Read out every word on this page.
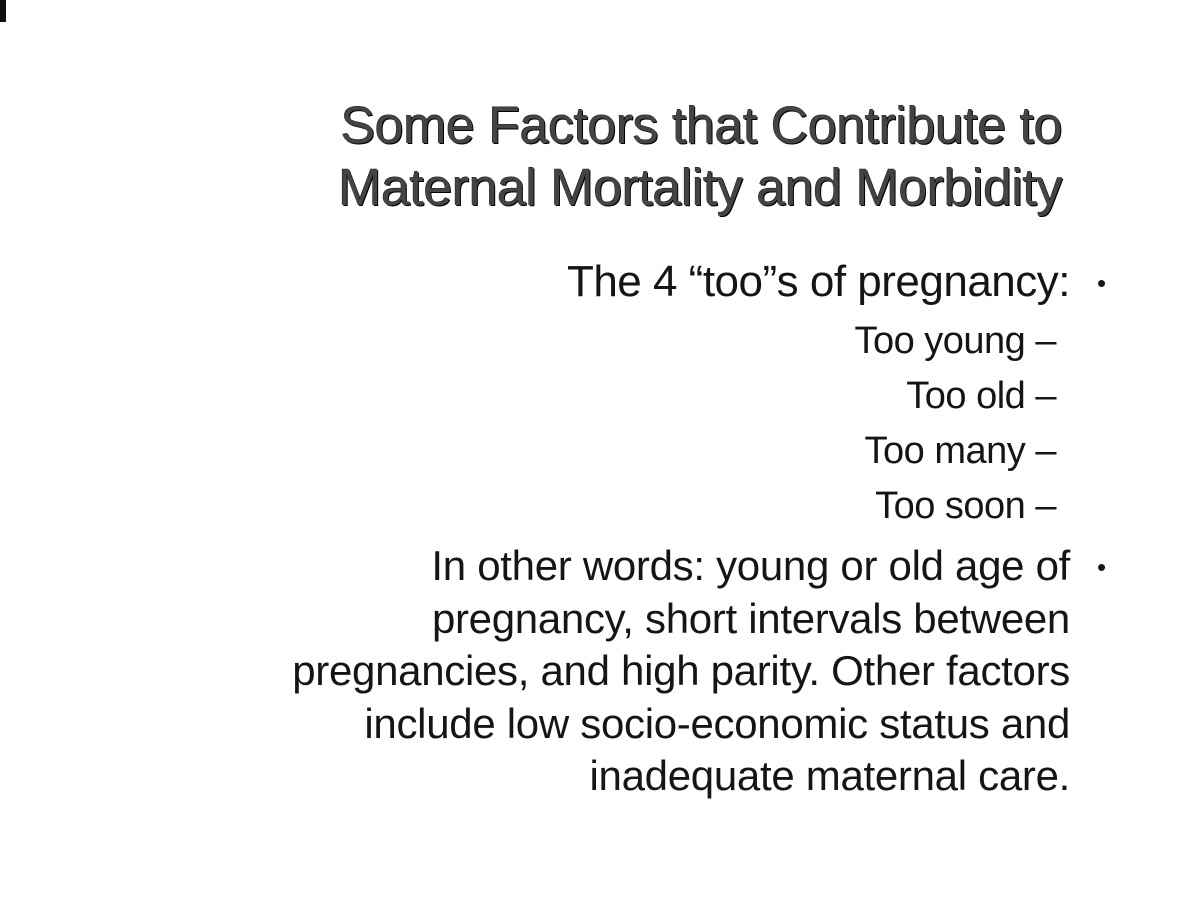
Some Factors that Contribute to
Maternal Mortality and Morbidity
The 4 “too”s of pregnancy: •
Too young –
Too old –
Too many –
Too soon –
In other words: young or old age of
pregnancy, short intervals between
pregnancies, and high parity. Other factors
include low socio-economic status and
inadequate maternal care.
•
